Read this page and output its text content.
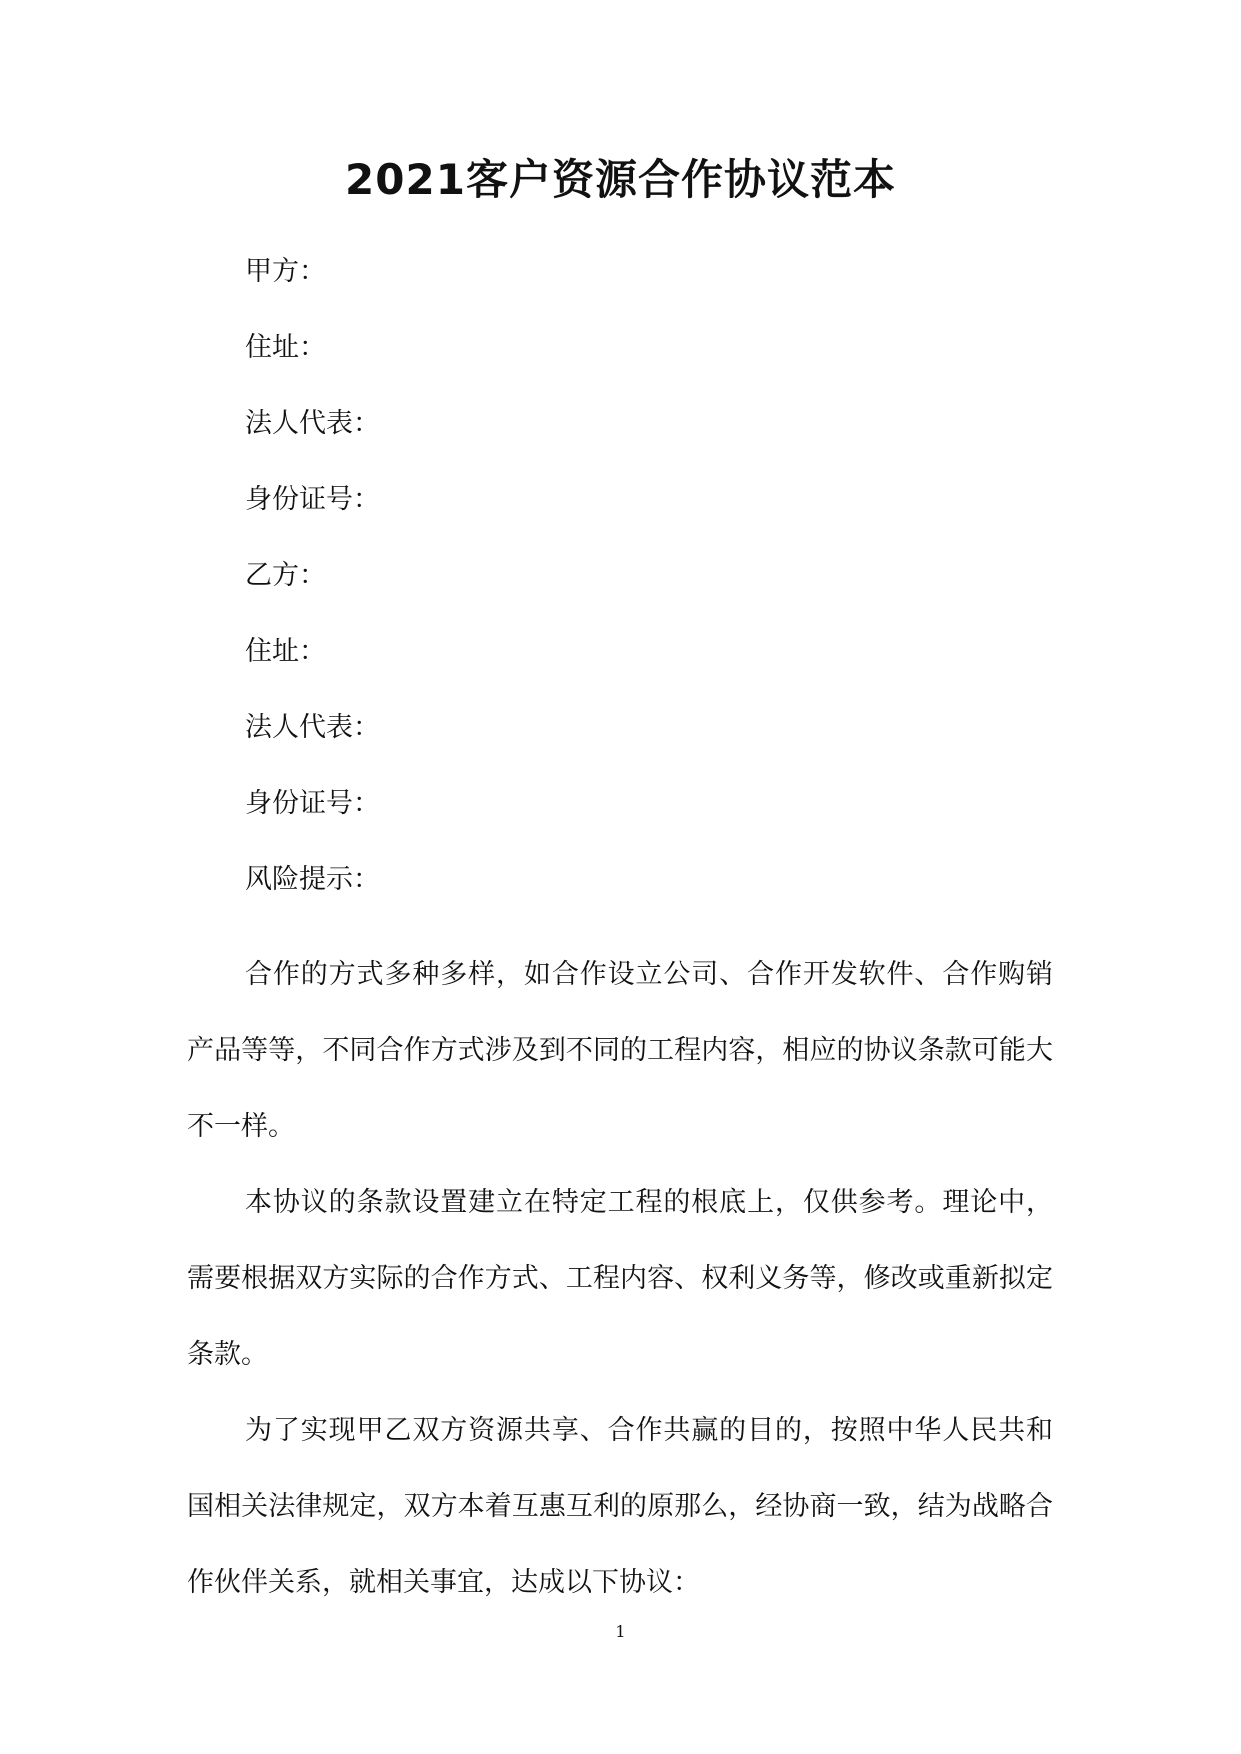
2021客户资源合作协议范本
甲方：
住址：
法人代表：
身份证号：
乙方：
住址：
法人代表：
身份证号：
风险提示：

合作的方式多种多样，如合作设立公司、合作开发软件、合作购销产品等等，不同合作方式涉及到不同的工程内容，相应的协议条款可能大不一样。

本协议的条款设置建立在特定工程的根底上，仅供参考。理论中，需要根据双方实际的合作方式、工程内容、权利义务等，修改或重新拟定条款。

为了实现甲乙双方资源共享、合作共赢的目的，按照中华人民共和国相关法律规定，双方本着互惠互利的原那么，经协商一致，结为战略合作伙伴关系，就相关事宜，达成以下协议：

1
